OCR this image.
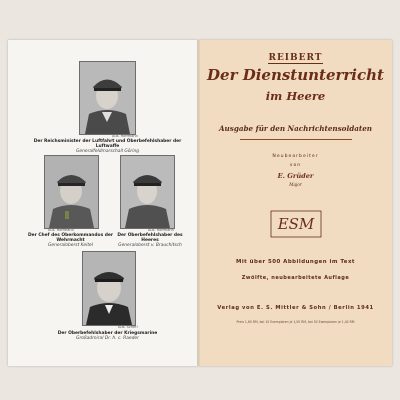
Aus. Hoffmann
Der Reichsminister der Luftfahrt und Oberbefehlshaber der Luftwaffe
Generalfeldmarschall Göring
Aus. Hoffmann
Der Chef des Oberkommandos der Wehrmacht
Generaloberst Keitel
Aus. Hoffmann
Der Oberbefehlshaber des Heeres
Generaloberst v. Brauchitsch
Aus. Scherl
Der Oberbefehlshaber der Kriegsmarine
Großadmiral Dr. h. c. Raeder
REIBERT
Der Dienstunterricht
im Heere
Ausgabe für den Nachrichtensoldaten
Neubearbeiter
von
E. Grüder
Major
ESM
Mit über 500 Abbildungen im Text
Zwölfte, neubearbeitete Auflage
Verlag von E. S. Mittler & Sohn / Berlin 1941
Preis 1,60 RM, bei 10 Exemplaren je 1,50 RM, bei 50 Exemplaren je 1,40 RM
